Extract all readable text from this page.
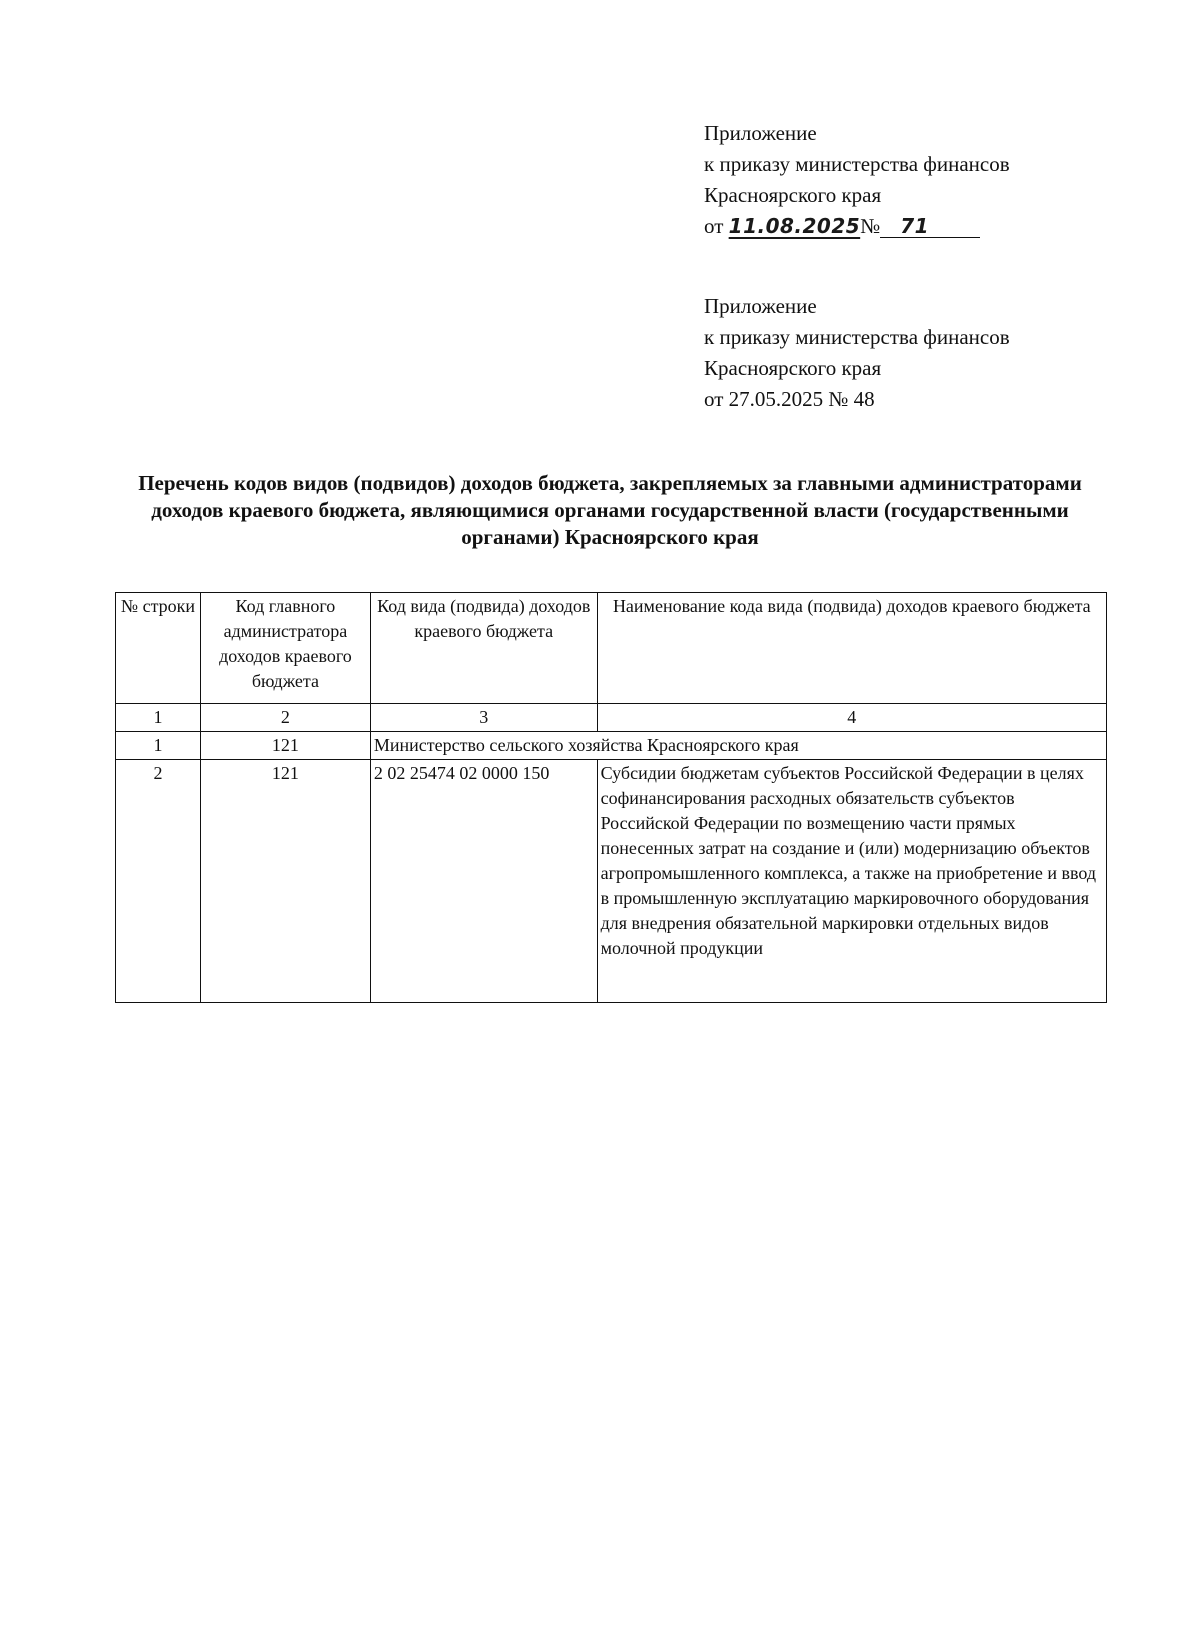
Приложение
к приказу министерства финансов
Красноярского края
от 11.08.2025№ 71
Приложение
к приказу министерства финансов
Красноярского края
от 27.05.2025 № 48
Перечень кодов видов (подвидов) доходов бюджета, закрепляемых за главными администраторами доходов краевого бюджета, являющимися органами государственной власти (государственными органами) Красноярского края
№ строки	Код главного администратора доходов краевого бюджета	Код вида (подвида) доходов краевого бюджета	Наименование кода вида (подвида) доходов краевого бюджета
1	2	3	4
1	121	Министерство сельского хозяйства Красноярского края	
2	121	2 02 25474 02 0000 150	Субсидии бюджетам субъектов Российской Федерации в целях софинансирования расходных обязательств субъектов Российской Федерации по возмещению части прямых понесенных затрат на создание и (или) модернизацию объектов агропромышленного комплекса, а также на приобретение и ввод в промышленную эксплуатацию маркировочного оборудования для внедрения обязательной маркировки отдельных видов молочной продукции
